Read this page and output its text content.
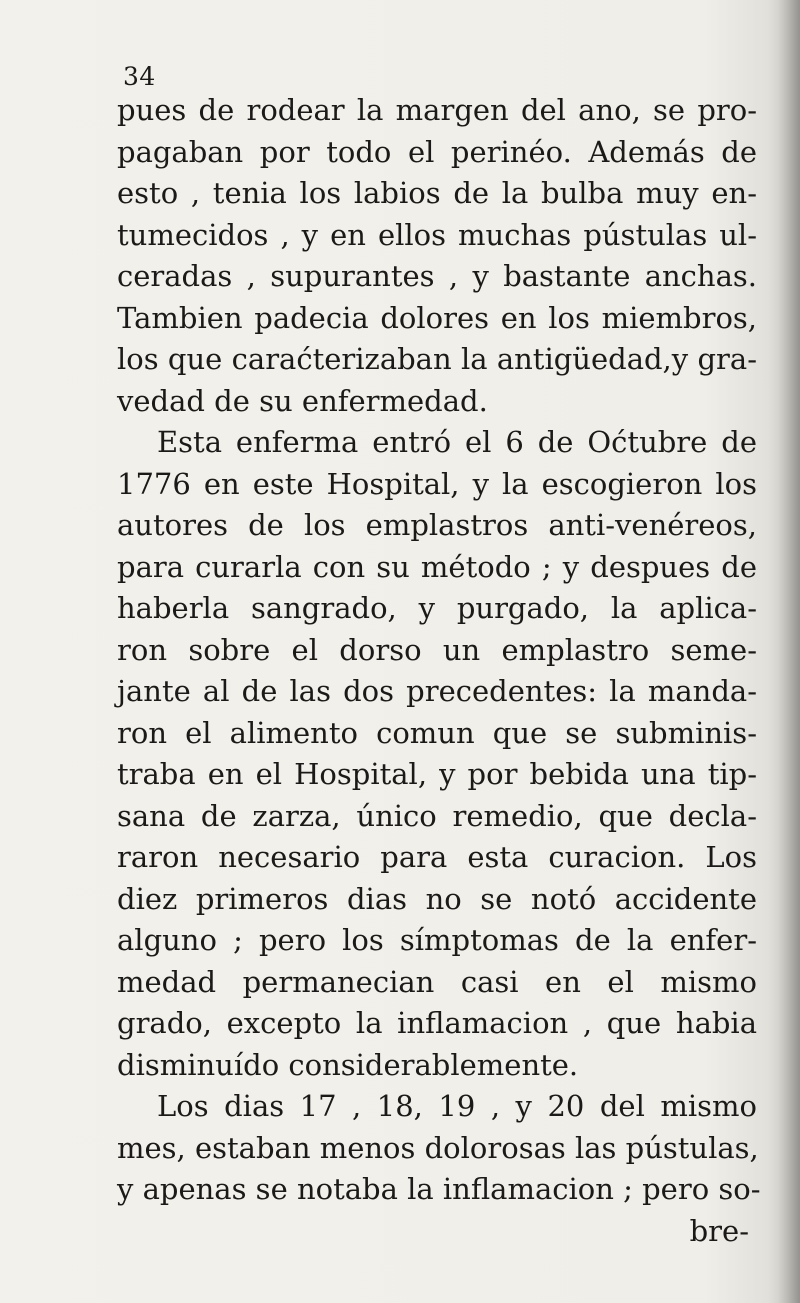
34
pues de rodear la margen del ano, se pro-
pagaban por todo el perinéo. Además de
esto , tenia los labios de la bulba muy en-
tumecidos , y en ellos muchas pústulas ul-
ceradas , supurantes , y bastante anchas.
Tambien padecia dolores en los miembros,
los que caraćterizaban la antigüedad,y gra-
vedad de su enfermedad.
Esta enferma entró el 6 de Oćtubre de
1776 en este Hospital, y la escogieron los
autores de los emplastros anti-venéreos,
para curarla con su método ; y despues de
haberla sangrado, y purgado, la aplica-
ron sobre el dorso un emplastro seme-
jante al de las dos precedentes: la manda-
ron el alimento comun que se subminis-
traba en el Hospital, y por bebida una tip-
sana de zarza, único remedio, que decla-
raron necesario para esta curacion. Los
diez primeros dias no se notó accidente
alguno ; pero los símptomas de la enfer-
medad permanecian casi en el mismo
grado, excepto la inflamacion , que habia
disminuído considerablemente.
Los dias 17 , 18, 19 , y 20 del mismo
mes, estaban menos dolorosas las pústulas,
y apenas se notaba la inflamacion ; pero so-
bre-
